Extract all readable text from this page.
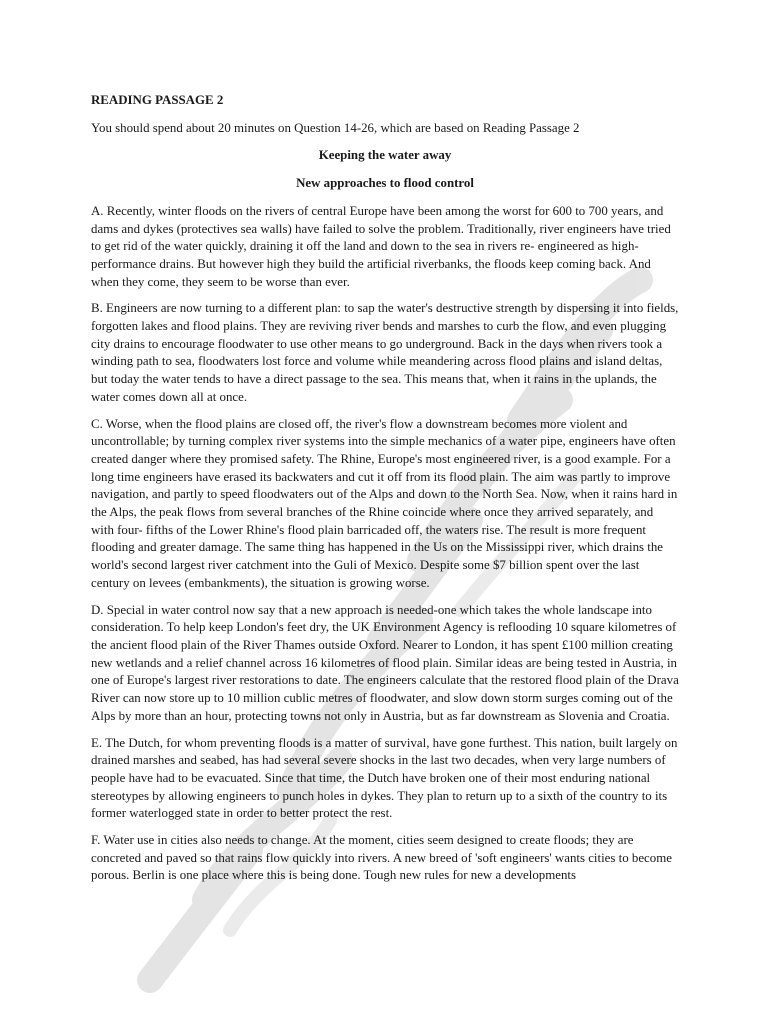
READING PASSAGE 2
You should spend about 20 minutes on Question 14-26, which are based on Reading Passage 2
Keeping the water away
New approaches to flood control
A. Recently, winter floods on the rivers of central Europe have been among the worst for 600 to 700 years, and dams and dykes (protectives sea walls) have failed to solve the problem. Traditionally, river engineers have tried to get rid of the water quickly, draining it off the land and down to the sea in rivers re- engineered as high-performance drains. But however high they build the artificial riverbanks, the floods keep coming back. And when they come, they seem to be worse than ever.
B. Engineers are now turning to a different plan: to sap the water's destructive strength by dispersing it into fields, forgotten lakes and flood plains. They are reviving river bends and marshes to curb the flow, and even plugging city drains to encourage floodwater to use other means to go underground. Back in the days when rivers took a winding path to sea, floodwaters lost force and volume while meandering across flood plains and island deltas, but today the water tends to have a direct passage to the sea. This means that, when it rains in the uplands, the water comes down all at once.
C. Worse, when the flood plains are closed off, the river's flow a downstream becomes more violent and uncontrollable; by turning complex river systems into the simple mechanics of a water pipe, engineers have often created danger where they promised safety. The Rhine, Europe's most engineered river, is a good example. For a long time engineers have erased its backwaters and cut it off from its flood plain. The aim was partly to improve navigation, and partly to speed floodwaters out of the Alps and down to the North Sea. Now, when it rains hard in the Alps, the peak flows from several branches of the Rhine coincide where once they arrived separately, and with four- fifths of the Lower Rhine's flood plain barricaded off, the waters rise. The result is more frequent flooding and greater damage. The same thing has happened in the Us on the Mississippi river, which drains the world's second largest river catchment into the Guli of Mexico. Despite some $7 billion spent over the last century on levees (embankments), the situation is growing worse.
D. Special in water control now say that a new approach is needed-one which takes the whole landscape into consideration. To help keep London's feet dry, the UK Environment Agency is reflooding 10 square kilometres of the ancient flood plain of the River Thames outside Oxford. Nearer to London, it has spent £100 million creating new wetlands and a relief channel across 16 kilometres of flood plain. Similar ideas are being tested in Austria, in one of Europe's largest river restorations to date. The engineers calculate that the restored flood plain of the Drava River can now store up to 10 million cublic metres of floodwater, and slow down storm surges coming out of the Alps by more than an hour, protecting towns not only in Austria, but as far downstream as Slovenia and Croatia.
E. The Dutch, for whom preventing floods is a matter of survival, have gone furthest. This nation, built largely on drained marshes and seabed, has had several severe shocks in the last two decades, when very large numbers of people have had to be evacuated. Since that time, the Dutch have broken one of their most enduring national stereotypes by allowing engineers to punch holes in dykes. They plan to return up to a sixth of the country to its former waterlogged state in order to better protect the rest.
F. Water use in cities also needs to change. At the moment, cities seem designed to create floods; they are concreted and paved so that rains flow quickly into rivers. A new breed of 'soft engineers' wants cities to become porous. Berlin is one place where this is being done. Tough new rules for new a developments
